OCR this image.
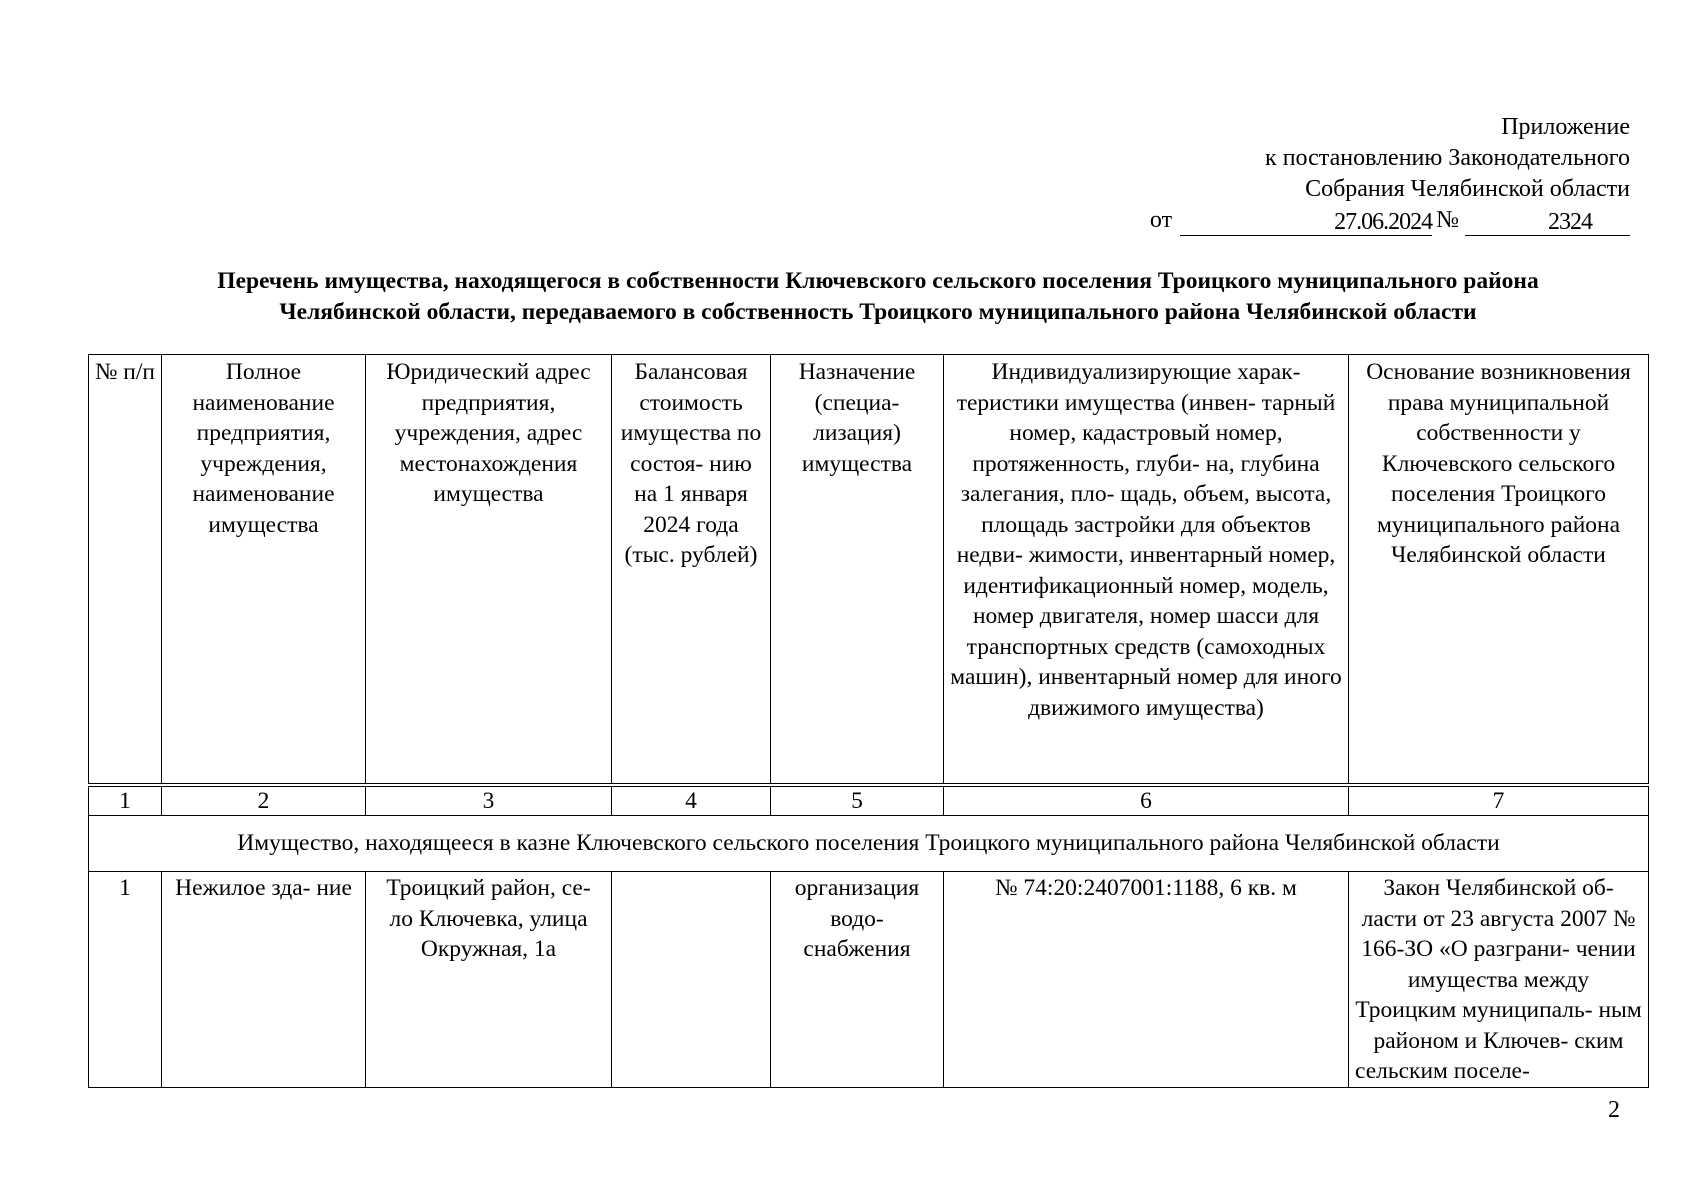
Приложение
к постановлению Законодательного
Собрания Челябинской области
от	27.06.2024 №	2324
Перечень имущества, находящегося в собственности Ключевского сельского поселения Троицкого муниципального района
Челябинской области, передаваемого в собственность Троицкого муниципального района Челябинской области
№ п/п	Полное наименование предприятия, учреждения, наименование имущества	Юридический адрес предприятия, учреждения, адрес местонахождения имущества	Балансовая стоимость имущества по состоя- нию на 1 января 2024 года (тыс. рублей)	Назначение (специа- лизация) имущества	Индивидуализирующие харак- теристики имущества (инвен- тарный номер, кадастровый номер, протяженность, глуби- на, глубина залегания, пло- щадь, объем, высота, площадь застройки для объектов недви- жимости, инвентарный номер, идентификационный номер, модель, номер двигателя, номер шасси для транспортных средств (самоходных машин), инвентарный номер для иного движимого имущества)	Основание возникновения права муниципальной собственности у Ключевского сельского поселения Троицкого муниципального района Челябинской области
1	2	3	4	5	6	7
Имущество, находящееся в казне Ключевского сельского поселения Троицкого муниципального района Челябинской области						
1	Нежилое зда- ние	Троицкий район, се- ло Ключевка, улица Окружная, 1а		организация водо- снабжения	№ 74:20:2407001:1188, 6 кв. м	Закон Челябинской об- ласти от 23 августа 2007 № 166-ЗО «О разграни- чении имущества между Троицким муниципаль- ным районом и Ключев- ским сельским поселе-
2
